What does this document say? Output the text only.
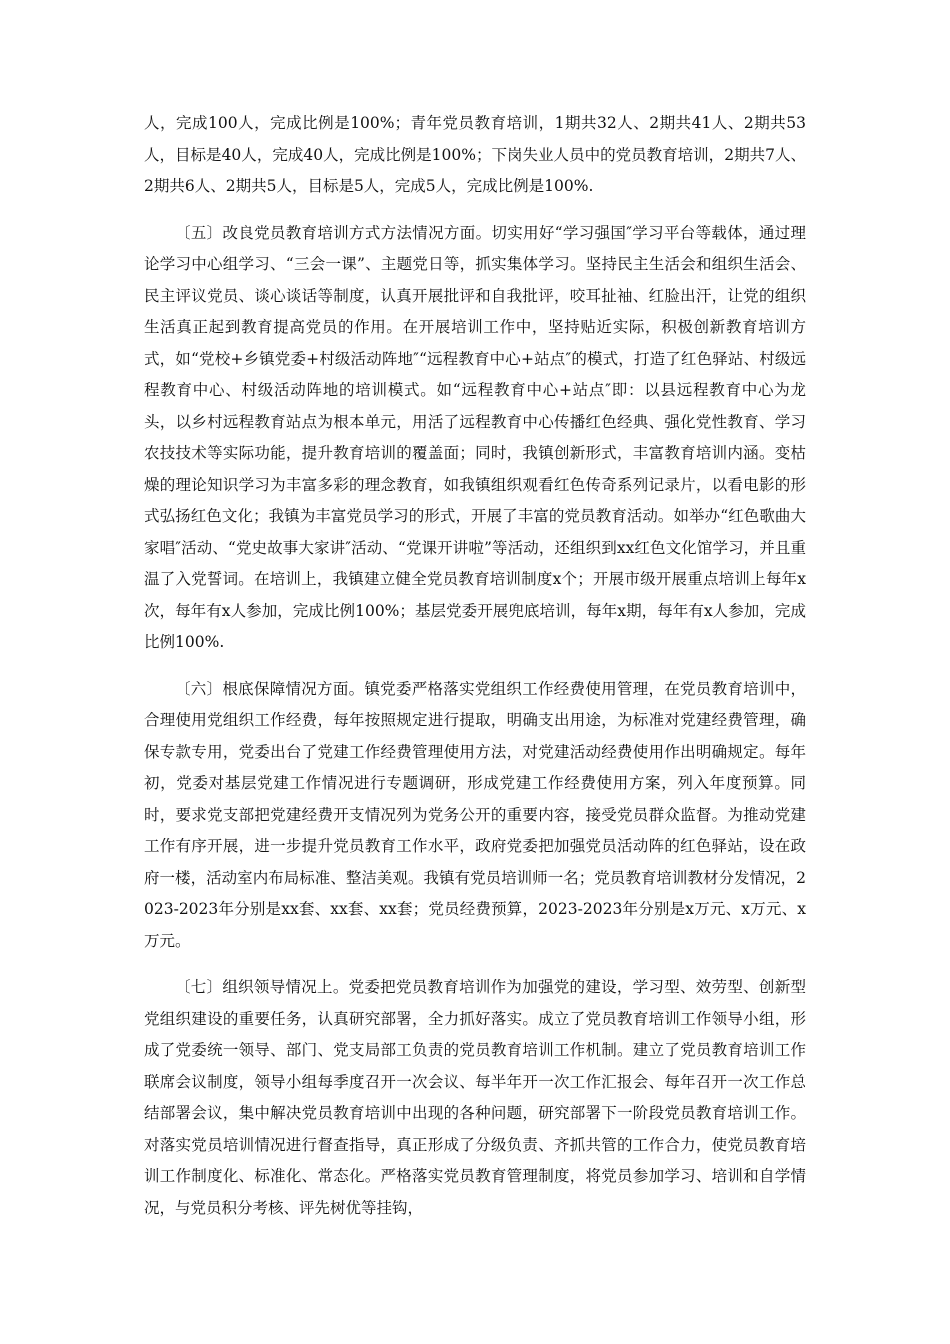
人，完成100人，完成比例是100%；青年党员教育培训，1期共32人、2期共41人、2期共53人，目标是40人，完成40人，完成比例是100%；下岗失业人员中的党员教育培训，2期共7人、2期共6人、2期共5人，目标是5人，完成5人，完成比例是100%.

〔五〕改良党员教育培训方式方法情况方面。切实用好“学习强国″学习平台等载体，通过理论学习中心组学习、“三会一课”、主题党日等，抓实集体学习。坚持民主生活会和组织生活会、民主评议党员、谈心谈话等制度，认真开展批评和自我批评，咬耳扯袖、红脸出汗，让党的组织生活真正起到教育提高党员的作用。在开展培训工作中，坚持贴近实际，积极创新教育培训方式，如“党校+乡镇党委+村级活动阵地″“远程教育中心+站点″的模式，打造了红色驿站、村级远程教育中心、村级活动阵地的培训模式。如“远程教育中心+站点″即：以县远程教育中心为龙头，以乡村远程教育站点为根本单元，用活了远程教育中心传播红色经典、强化党性教育、学习农技技术等实际功能，提升教育培训的覆盖面；同时，我镇创新形式，丰富教育培训内涵。变枯燥的理论知识学习为丰富多彩的理念教育，如我镇组织观看红色传奇系列记录片，以看电影的形式弘扬红色文化；我镇为丰富党员学习的形式，开展了丰富的党员教育活动。如举办“红色歌曲大家唱″活动、“党史故事大家讲″活动、“党课开讲啦”等活动，还组织到xx红色文化馆学习，并且重温了入党誓词。在培训上，我镇建立健全党员教育培训制度x个；开展市级开展重点培训上每年x次，每年有x人参加，完成比例100%；基层党委开展兜底培训，每年x期，每年有x人参加，完成比例100%.

〔六〕根底保障情况方面。镇党委严格落实党组织工作经费使用管理，在党员教育培训中，合理使用党组织工作经费，每年按照规定进行提取，明确支出用途，为标准对党建经费管理，确保专款专用，党委出台了党建工作经费管理使用方法，对党建活动经费使用作出明确规定。每年初，党委对基层党建工作情况进行专题调研，形成党建工作经费使用方案，列入年度预算。同时，要求党支部把党建经费开支情况列为党务公开的重要内容，接受党员群众监督。为推动党建工作有序开展，进一步提升党员教育工作水平，政府党委把加强党员活动阵的红色驿站，设在政府一楼，活动室内布局标准、整洁美观。我镇有党员培训师一名；党员教育培训教材分发情况，2023-2023年分别是xx套、xx套、xx套；党员经费预算，2023-2023年分别是x万元、x万元、x万元。

〔七〕组织领导情况上。党委把党员教育培训作为加强党的建设，学习型、效劳型、创新型党组织建设的重要任务，认真研究部署，全力抓好落实。成立了党员教育培训工作领导小组，形成了党委统一领导、部门、党支局部工负责的党员教育培训工作机制。建立了党员教育培训工作联席会议制度，领导小组每季度召开一次会议、每半年开一次工作汇报会、每年召开一次工作总结部署会议，集中解决党员教育培训中出现的各种问题，研究部署下一阶段党员教育培训工作。对落实党员培训情况进行督查指导，真正形成了分级负责、齐抓共管的工作合力，使党员教育培训工作制度化、标准化、常态化。严格落实党员教育管理制度，将党员参加学习、培训和自学情况，与党员积分考核、评先树优等挂钩，
